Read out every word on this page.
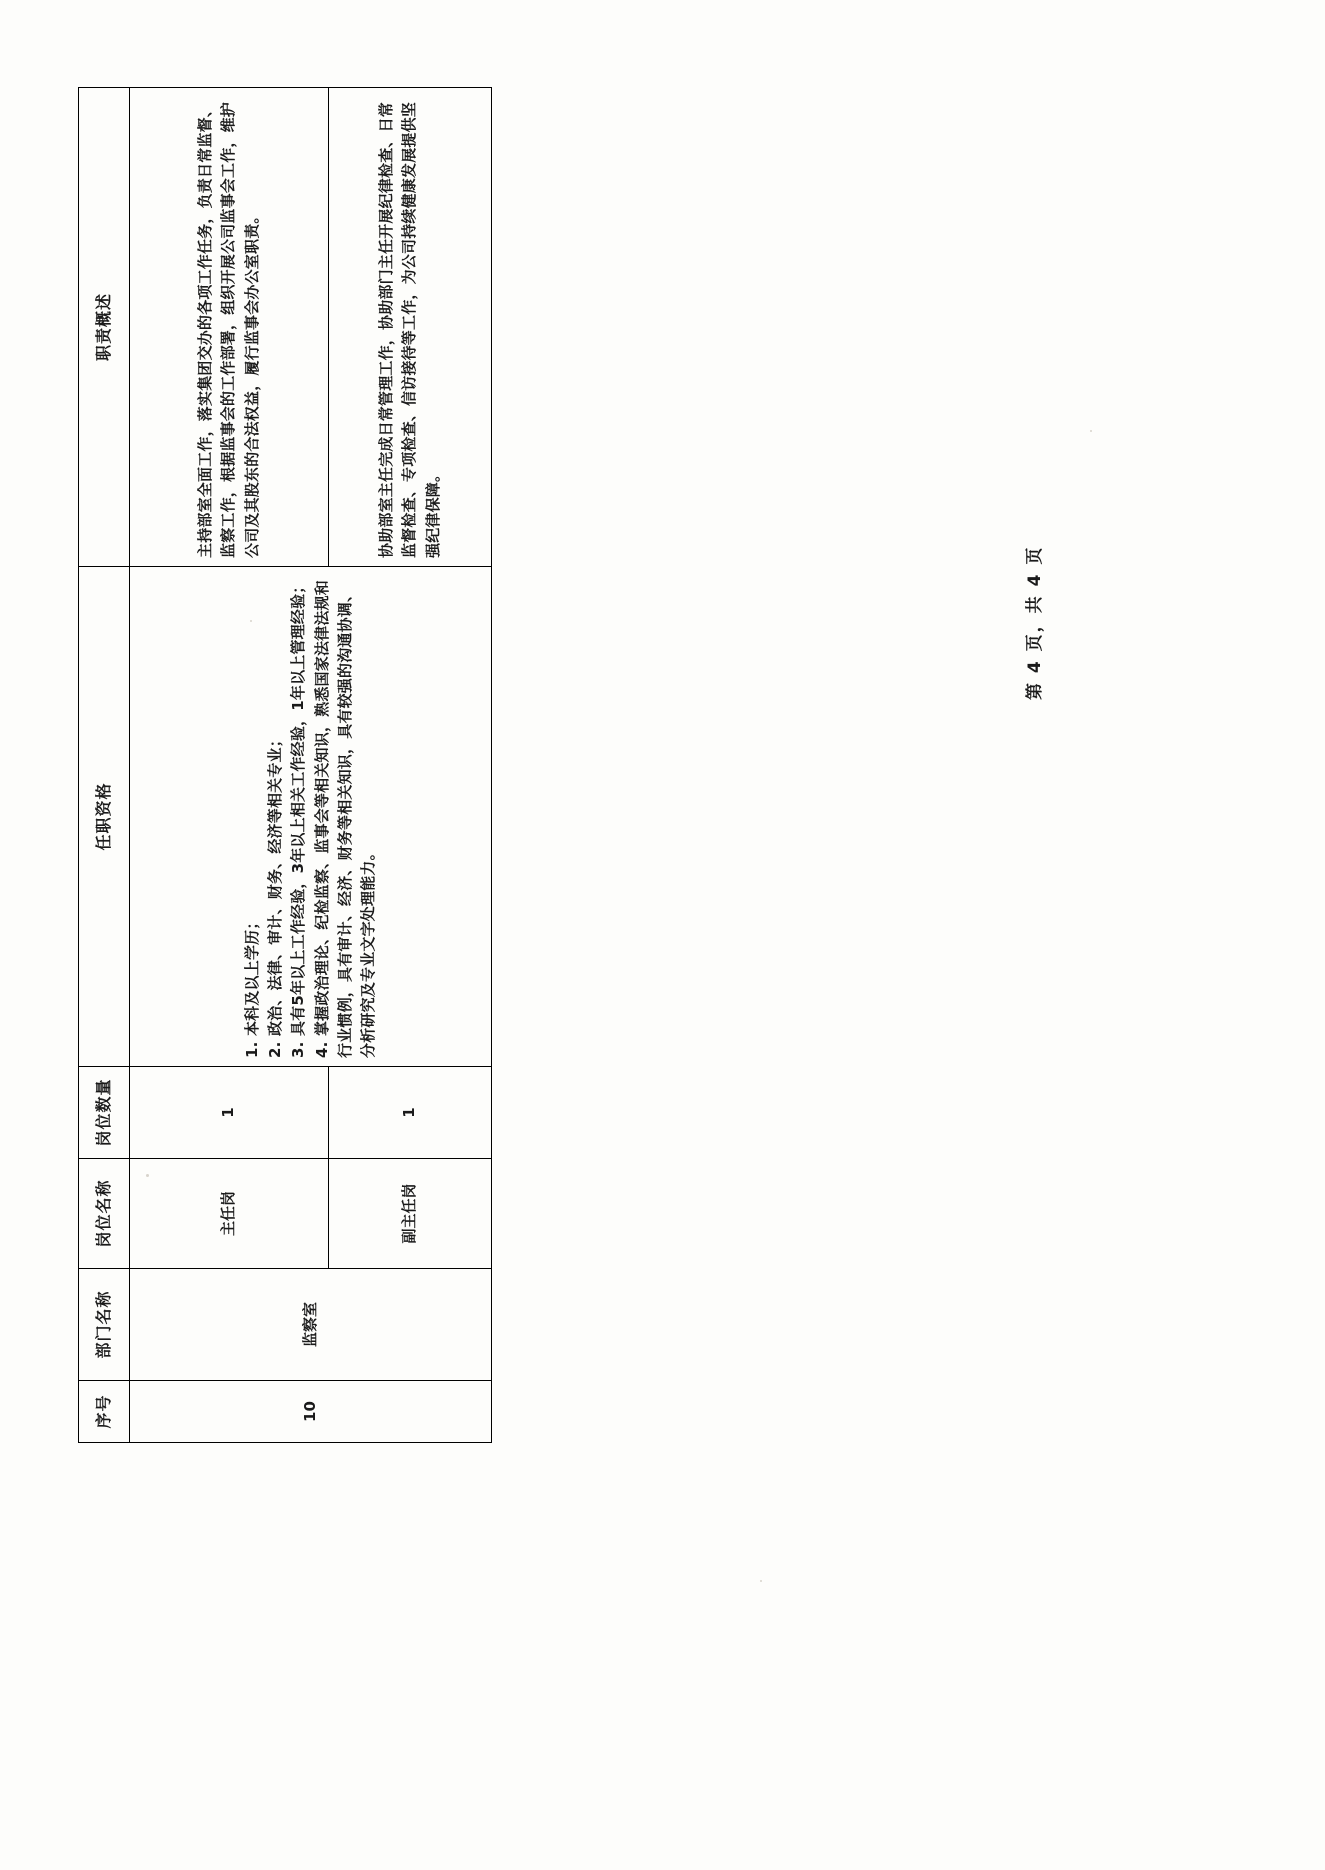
序号	部门名称	岗位名称	岗位数量	任职资格	职责概述
10	监察室	主任岗	1	1. 本科及以上学历； 2. 政治、法律、审计、财务、经济等相关专业； 3. 具有5年以上工作经验，3年以上相关工作经验，1年以上管理经验； 4. 掌握政治理论、纪检监察、监事会等相关知识，熟悉国家法律法规和行业惯例，具有审计、经济、财务等相关知识，具有较强的沟通协调、分析研究及专业文字处理能力。	主持部室全面工作，落实集团交办的各项工作任务，负责日常监督、监察工作，根据监事会的工作部署，组织开展公司监事会工作，维护公司及其股东的合法权益，履行监事会办公室职责。

		副主任岗	1		协助部室主任完成日常管理工作，协助部门主任开展纪律检查、日常监督检查、专项检查、信访接待等工作，为公司持续健康发展提供坚强纪律保障。
第 4 页，共 4 页
